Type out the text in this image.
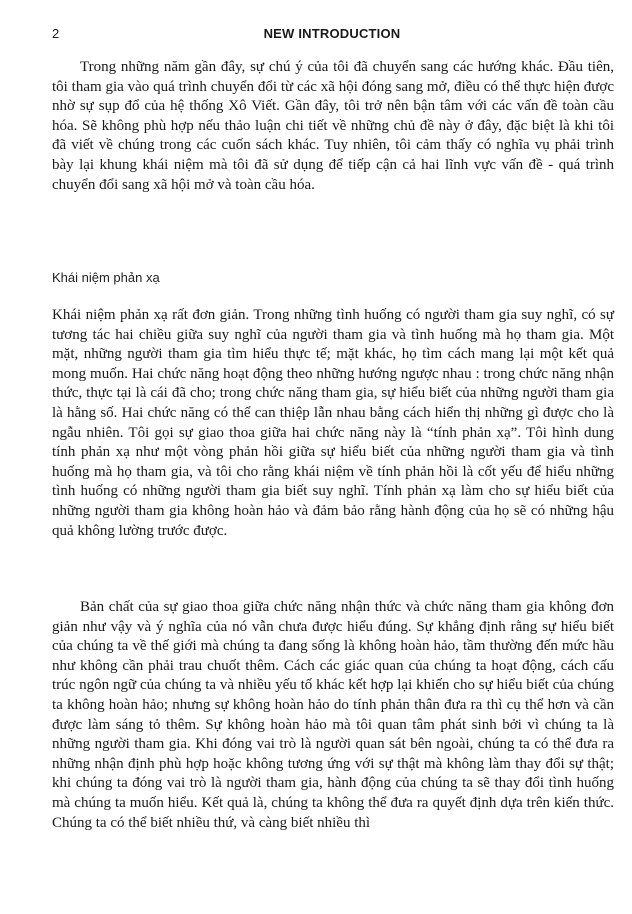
2	NEW INTRODUCTION

Trong những năm gần đây, sự chú ý của tôi đã chuyển sang các hướng khác. Đầu tiên, tôi tham gia vào quá trình chuyển đổi từ các xã hội đóng sang mở, điều có thể thực hiện được nhờ sự sụp đổ của hệ thống Xô Viết. Gần đây, tôi trở nên bận tâm với các vấn đề toàn cầu hóa. Sẽ không phù hợp nếu thảo luận chi tiết về những chủ đề này ở đây, đặc biệt là khi tôi đã viết về chúng trong các cuốn sách khác. Tuy nhiên, tôi cảm thấy có nghĩa vụ phải trình bày lại khung khái niệm mà tôi đã sử dụng để tiếp cận cả hai lĩnh vực vấn đề - quá trình chuyển đổi sang xã hội mở và toàn cầu hóa.

Khái niệm phản xạ

Khái niệm phản xạ rất đơn giản. Trong những tình huống có người tham gia suy nghĩ, có sự tương tác hai chiều giữa suy nghĩ của người tham gia và tình huống mà họ tham gia. Một mặt, những người tham gia tìm hiểu thực tế; mặt khác, họ tìm cách mang lại một kết quả mong muốn. Hai chức năng hoạt động theo những hướng ngược nhau : trong chức năng nhận thức, thực tại là cái đã cho; trong chức năng tham gia, sự hiểu biết của những người tham gia là hằng số. Hai chức năng có thể can thiệp lẫn nhau bằng cách hiển thị những gì được cho là ngẫu nhiên. Tôi gọi sự giao thoa giữa hai chức năng này là “tính phản xạ”. Tôi hình dung tính phản xạ như một vòng phản hồi giữa sự hiểu biết của những người tham gia và tình huống mà họ tham gia, và tôi cho rằng khái niệm về tính phản hồi là cốt yếu để hiểu những tình huống có những người tham gia biết suy nghĩ. Tính phản xạ làm cho sự hiểu biết của những người tham gia không hoàn hảo và đảm bảo rằng hành động của họ sẽ có những hậu quả không lường trước được.

Bản chất của sự giao thoa giữa chức năng nhận thức và chức năng tham gia không đơn giản như vậy và ý nghĩa của nó vẫn chưa được hiểu đúng. Sự khẳng định rằng sự hiểu biết của chúng ta về thế giới mà chúng ta đang sống là không hoàn hảo, tầm thường đến mức hầu như không cần phải trau chuốt thêm. Cách các giác quan của chúng ta hoạt động, cách cấu trúc ngôn ngữ của chúng ta và nhiều yếu tố khác kết hợp lại khiến cho sự hiểu biết của chúng ta không hoàn hảo; nhưng sự không hoàn hảo do tính phản thân đưa ra thì cụ thể hơn và cần được làm sáng tỏ thêm. Sự không hoàn hảo mà tôi quan tâm phát sinh bởi vì chúng ta là những người tham gia. Khi đóng vai trò là người quan sát bên ngoài, chúng ta có thể đưa ra những nhận định phù hợp hoặc không tương ứng với sự thật mà không làm thay đổi sự thật; khi chúng ta đóng vai trò là người tham gia, hành động của chúng ta sẽ thay đổi tình huống mà chúng ta muốn hiểu. Kết quả là, chúng ta không thể đưa ra quyết định dựa trên kiến thức. Chúng ta có thể biết nhiều thứ, và càng biết nhiều thì
